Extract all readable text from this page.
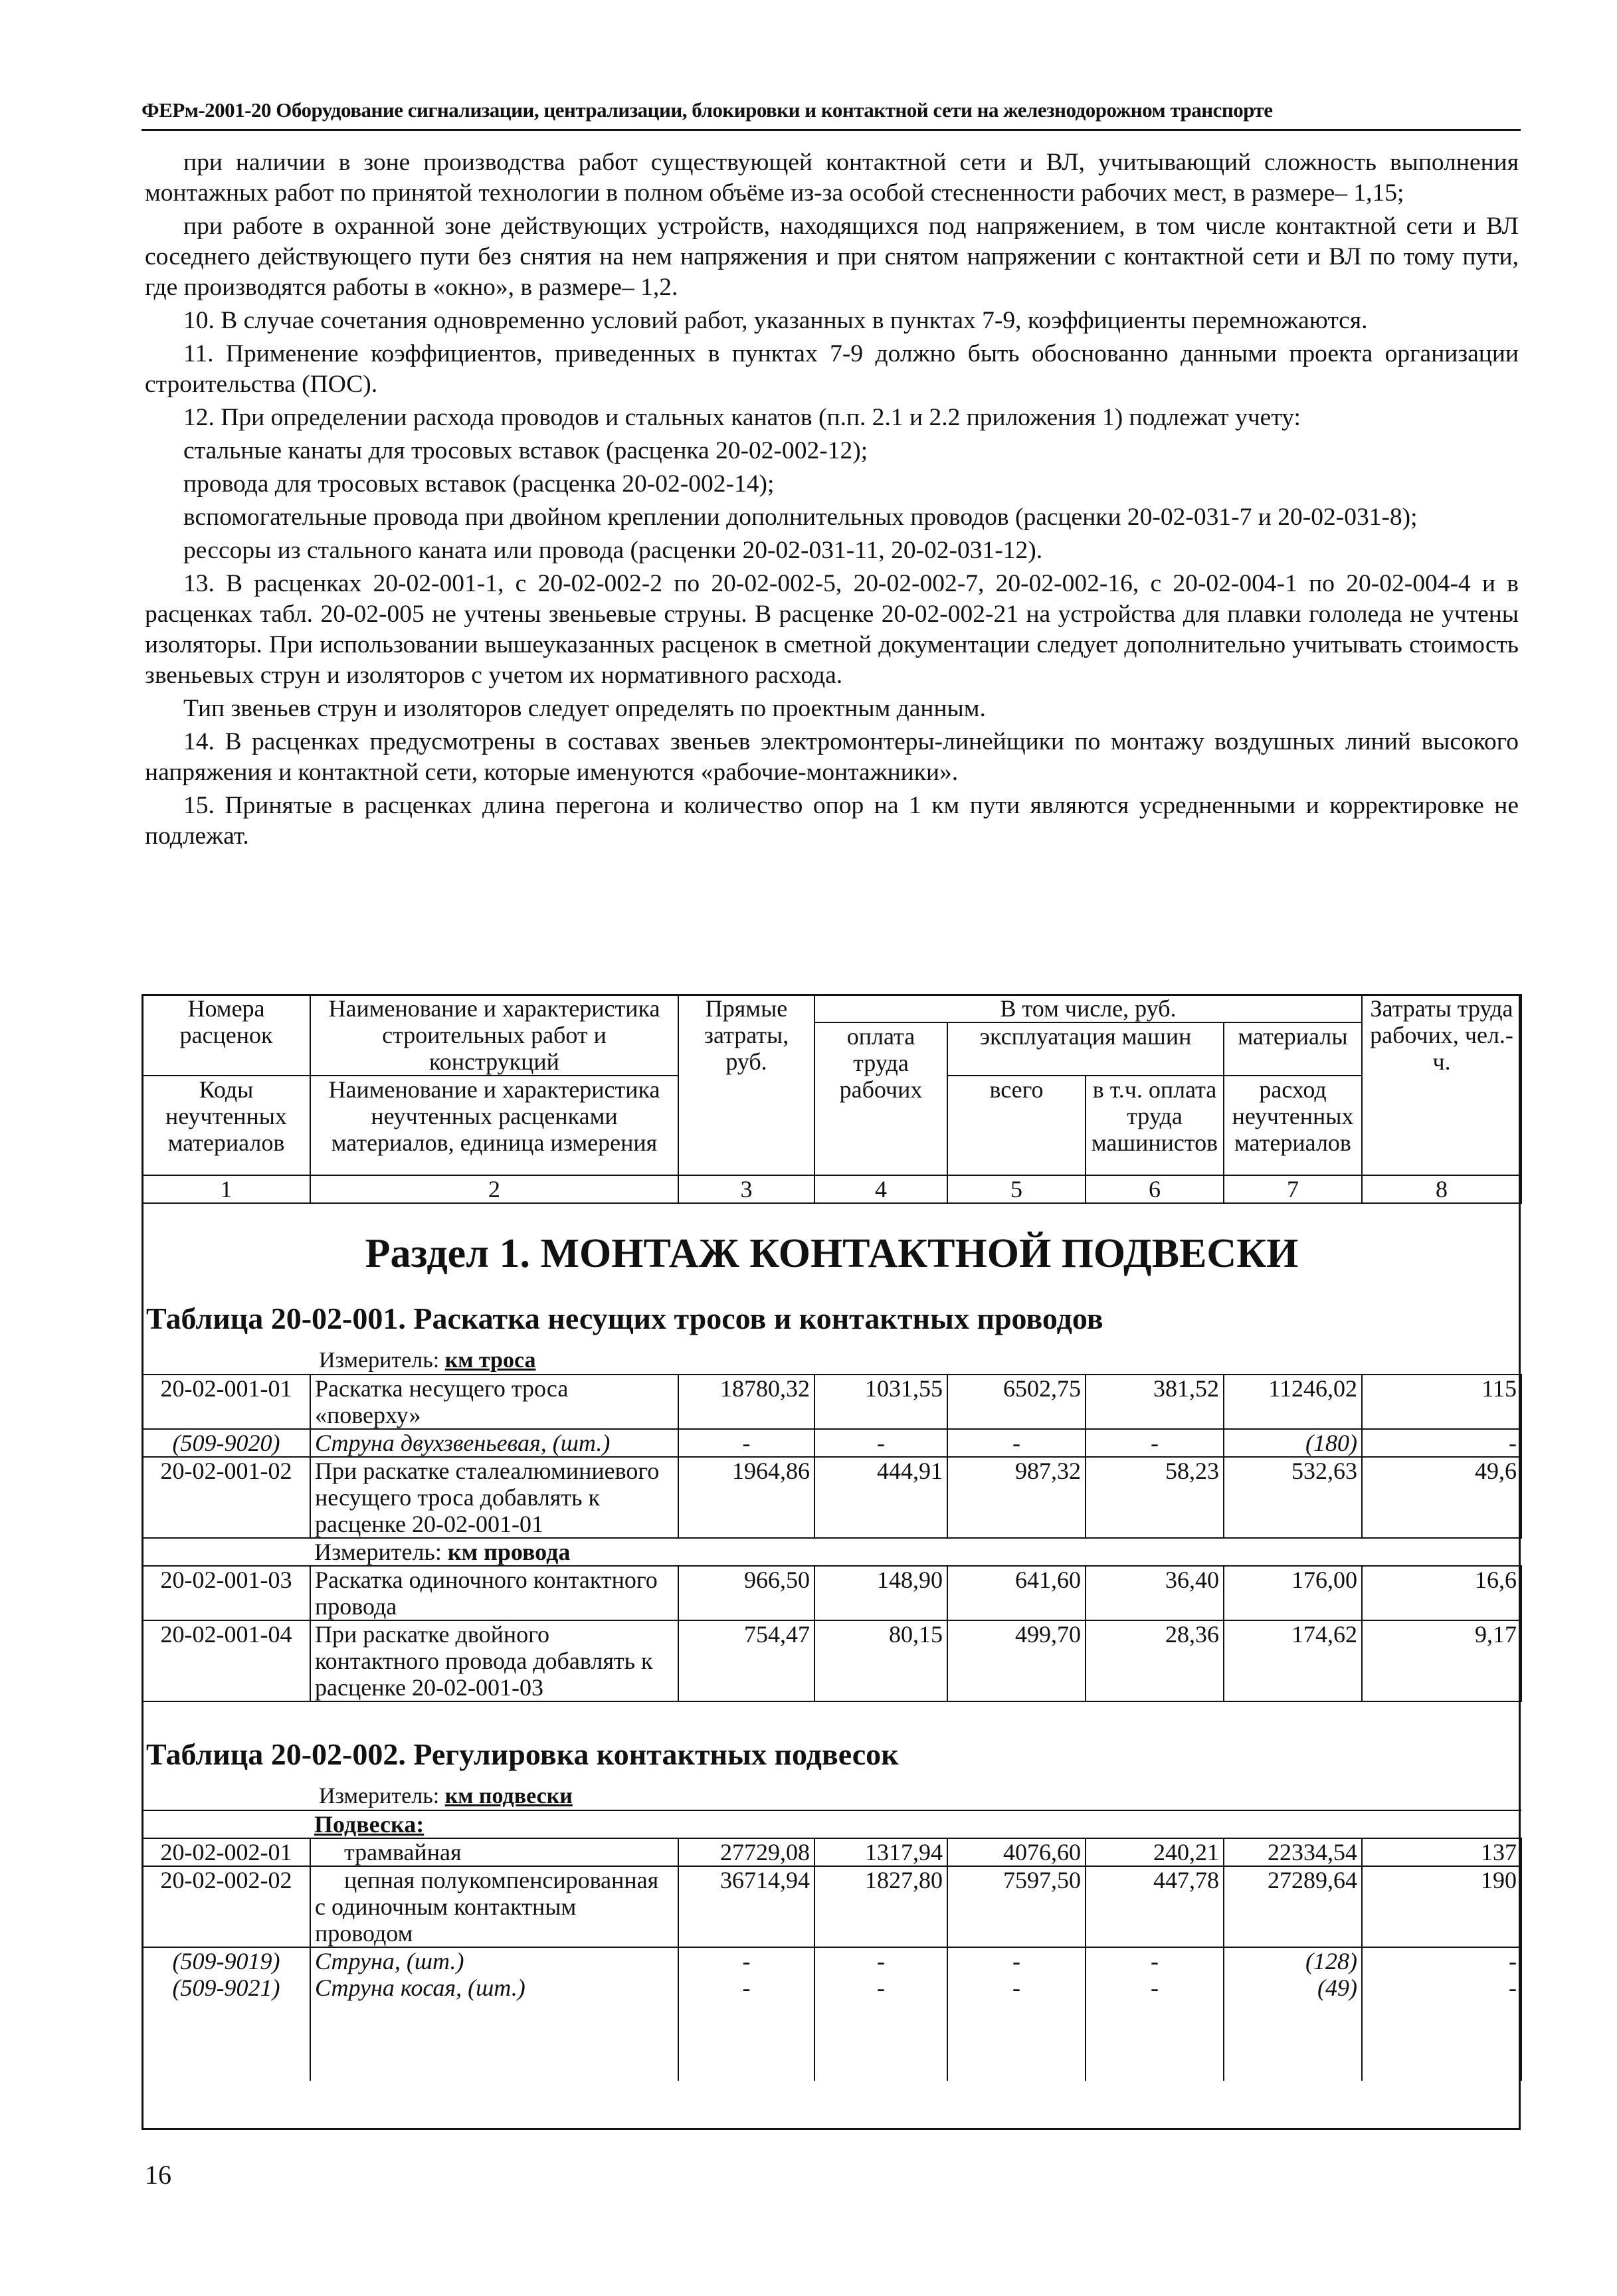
ФЕРм-2001-20 Оборудование сигнализации, централизации, блокировки и контактной сети на железнодорожном транспорте

при наличии в зоне производства работ существующей контактной сети и ВЛ, учитывающий сложность выполнения монтажных работ по принятой технологии в полном объёме из-за особой стесненности рабочих мест, в размере– 1,15;

при работе в охранной зоне действующих устройств, находящихся под напряжением, в том числе контактной сети и ВЛ соседнего действующего пути без снятия на нем напряжения и при снятом напряжении с контактной сети и ВЛ по тому пути, где производятся работы в «окно», в размере– 1,2.

10. В случае сочетания одновременно условий работ, указанных в пунктах 7-9, коэффициенты перемножаются.

11. Применение коэффициентов, приведенных в пунктах 7-9 должно быть обоснованно данными проекта организации строительства (ПОС).

12. При определении расхода проводов и стальных канатов (п.п. 2.1 и 2.2 приложения 1) подлежат учету:

стальные канаты для тросовых вставок (расценка 20-02-002-12);

провода для тросовых вставок (расценка 20-02-002-14);

вспомогательные провода при двойном креплении дополнительных проводов (расценки 20-02-031-7 и 20-02-031-8);

рессоры из стального каната или провода (расценки 20-02-031-11, 20-02-031-12).

13. В расценках 20-02-001-1, с 20-02-002-2 по 20-02-002-5, 20-02-002-7, 20-02-002-16, с 20-02-004-1 по 20-02-004-4 и в расценках табл. 20-02-005 не учтены звеньевые струны. В расценке 20-02-002-21 на устройства для плавки гололеда не учтены изоляторы. При использовании вышеуказанных расценок в сметной документации следует дополнительно учитывать стоимость звеньевых струн и изоляторов с учетом их нормативного расхода.

Тип звеньев струн и изоляторов следует определять по проектным данным.

14. В расценках предусмотрены в составах звеньев электромонтеры-линейщики по монтажу воздушных линий высокого напряжения и контактной сети, которые именуются «рабочие-монтажники».

15. Принятые в расценках длина перегона и количество опор на 1 км пути являются усредненными и корректировке не подлежат.

Номера расценок	Наименование и характеристика строительных работ и конструкций	Прямые затраты, руб.	В том числе, руб.				Затраты труда рабочих, чел.-ч.
			оплата труда рабочих	эксплуатация машин		материалы	
Коды неучтенных материалов	Наименование и характеристика неучтенных расценками материалов, единица измерения			всего	в т.ч. оплата труда машинистов	расход неучтенных материалов	

1	2	3	4	5	6	7	8

Раздел 1. МОНТАЖ КОНТАКТНОЙ ПОДВЕСКИ
Таблица 20-02-001. Раскатка несущих тросов и контактных проводов
Измеритель: км троса							

20-02-001-01	Раскатка несущего троса «поверху»	18780,32	1031,55	6502,75	381,52	11246,02	115
(509-9020)	Струна двухзвеньевая, (шт.)	-	-	-	-	(180)	-
20-02-001-02	При раскатке сталеалюминиевого несущего троса добавлять к расценке 20-02-001-01	1964,86	444,91	987,32	58,23	532,63	49,6
	Измеритель: км провода						
20-02-001-03	Раскатка одиночного контактного провода	966,50	148,90	641,60	36,40	176,00	16,6
20-02-001-04	При раскатке двойного контактного провода добавлять к расценке 20-02-001-03	754,47	80,15	499,70	28,36	174,62	9,17

Таблица 20-02-002. Регулировка контактных подвесок
Измеритель: км подвески							

	Подвеска:						
20-02-002-01	трамвайная	27729,08	1317,94	4076,60	240,21	22334,54	137
20-02-002-02	цепная полукомпенсированная с одиночным контактным проводом	36714,94	1827,80	7597,50	447,78	27289,64	190
(509-9019)	Струна, (шт.)	-	-	-	-	(128)	-
(509-9021)	Струна косая, (шт.)	-	-	-	-	(49)	-

16
